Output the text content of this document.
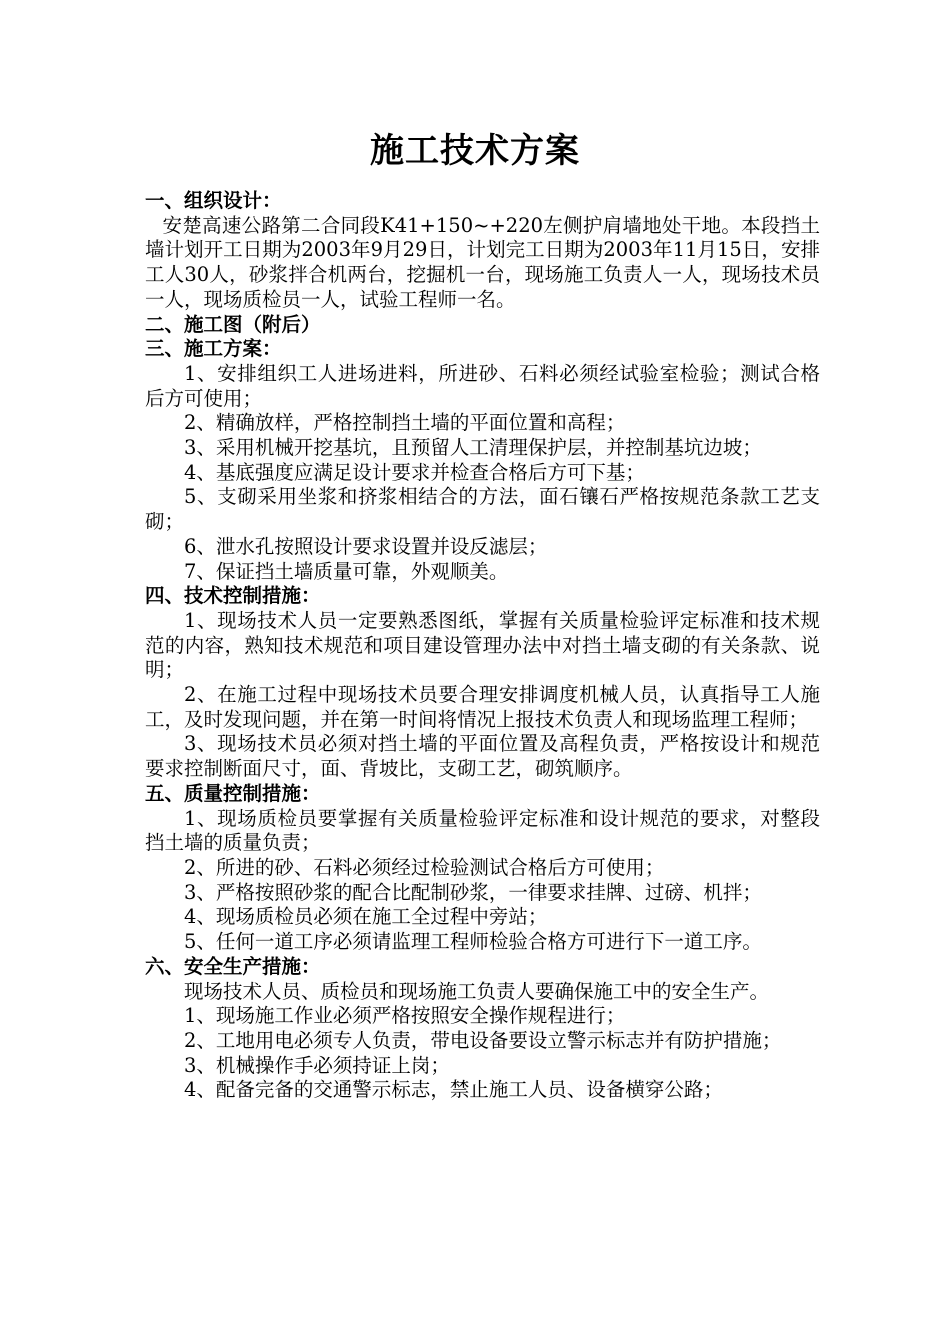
施工技术方案
一、组织设计：

安楚高速公路第二合同段K41+150~+220左侧护肩墙地处干地。本段挡土墙计划开工日期为2003年9月29日，计划完工日期为2003年11月15日，安排工人30人，砂浆拌合机两台，挖掘机一台，现场施工负责人一人，现场技术员一人，现场质检员一人，试验工程师一名。

二、施工图（附后）
三、施工方案：

1、安排组织工人进场进料，所进砂、石料必须经试验室检验；测试合格后方可使用；

2、精确放样，严格控制挡土墙的平面位置和高程；

3、采用机械开挖基坑，且预留人工清理保护层，并控制基坑边坡；

4、基底强度应满足设计要求并检查合格后方可下基；

5、支砌采用坐浆和挤浆相结合的方法，面石镶石严格按规范条款工艺支砌；

6、泄水孔按照设计要求设置并设反滤层；

7、保证挡土墙质量可靠，外观顺美。

四、技术控制措施：

1、现场技术人员一定要熟悉图纸，掌握有关质量检验评定标准和技术规范的内容，熟知技术规范和项目建设管理办法中对挡土墙支砌的有关条款、说明；

2、在施工过程中现场技术员要合理安排调度机械人员，认真指导工人施工，及时发现问题，并在第一时间将情况上报技术负责人和现场监理工程师；

3、现场技术员必须对挡土墙的平面位置及高程负责，严格按设计和规范要求控制断面尺寸，面、背坡比，支砌工艺，砌筑顺序。

五、质量控制措施：

1、现场质检员要掌握有关质量检验评定标准和设计规范的要求，对整段挡土墙的质量负责；

2、所进的砂、石料必须经过检验测试合格后方可使用；

3、严格按照砂浆的配合比配制砂浆，一律要求挂牌、过磅、机拌；

4、现场质检员必须在施工全过程中旁站；

5、任何一道工序必须请监理工程师检验合格方可进行下一道工序。

六、安全生产措施：

现场技术人员、质检员和现场施工负责人要确保施工中的安全生产。

1、现场施工作业必须严格按照安全操作规程进行；

2、工地用电必须专人负责，带电设备要设立警示标志并有防护措施；

3、机械操作手必须持证上岗；

4、配备完备的交通警示标志，禁止施工人员、设备横穿公路；
